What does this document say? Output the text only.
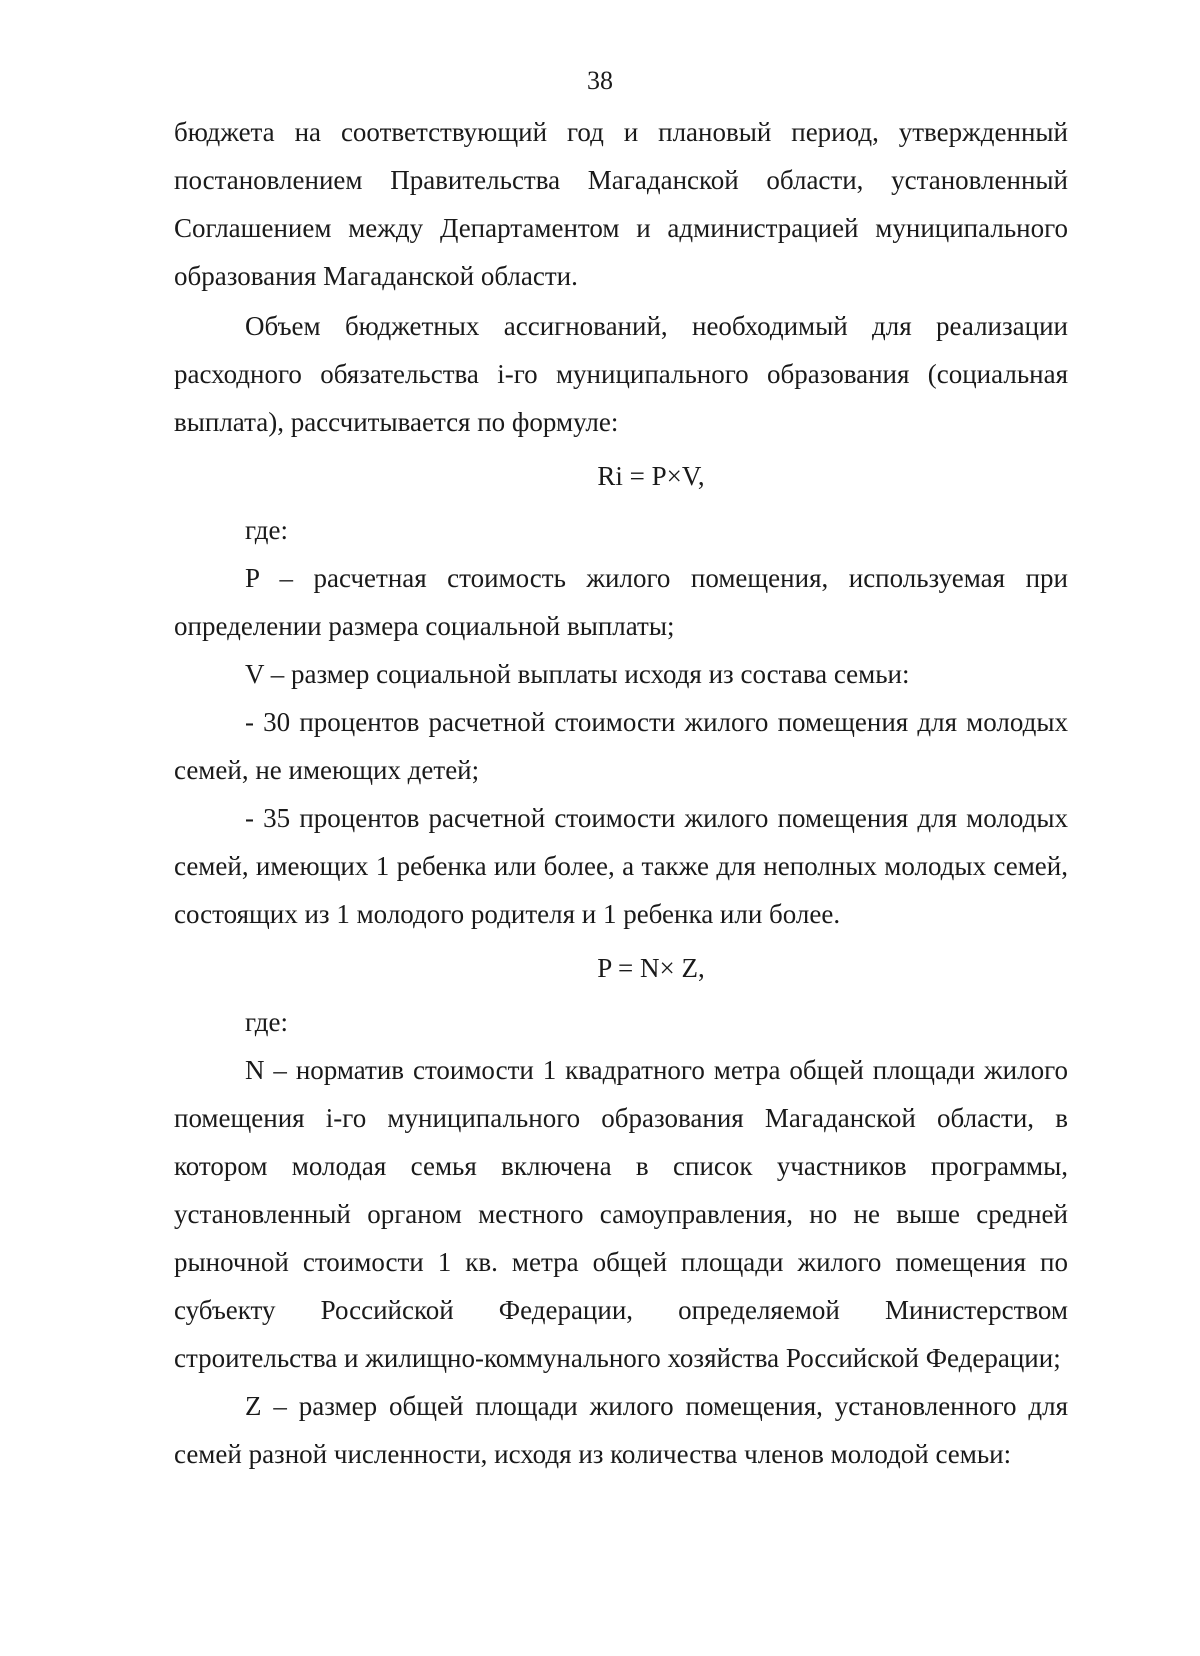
38

бюджета на соответствующий год и плановый период, утвержденный постановлением Правительства Магаданской области, установленный Соглашением между Департаментом и администрацией муниципального образования Магаданской области.

Объем бюджетных ассигнований, необходимый для реализации расходного обязательства i-го муниципального образования (социальная выплата), рассчитывается по формуле:

Ri = P×V,

где:

P – расчетная стоимость жилого помещения, используемая при определении размера социальной выплаты;

V – размер социальной выплаты исходя из состава семьи:

- 30 процентов расчетной стоимости жилого помещения для молодых семей, не имеющих детей;

- 35 процентов расчетной стоимости жилого помещения для молодых семей, имеющих 1 ребенка или более, а также для неполных молодых семей, состоящих из 1 молодого родителя и 1 ребенка или более.

P = N× Z,

где:

N – норматив стоимости 1 квадратного метра общей площади жилого помещения i-го муниципального образования Магаданской области, в котором молодая семья включена в список участников программы, установленный органом местного самоуправления, но не выше средней рыночной стоимости 1 кв. метра общей площади жилого помещения по субъекту Российской Федерации, определяемой Министерством строительства и жилищно-коммунального хозяйства Российской Федерации;

Z – размер общей площади жилого помещения, установленного для семей разной численности, исходя из количества членов молодой семьи:
